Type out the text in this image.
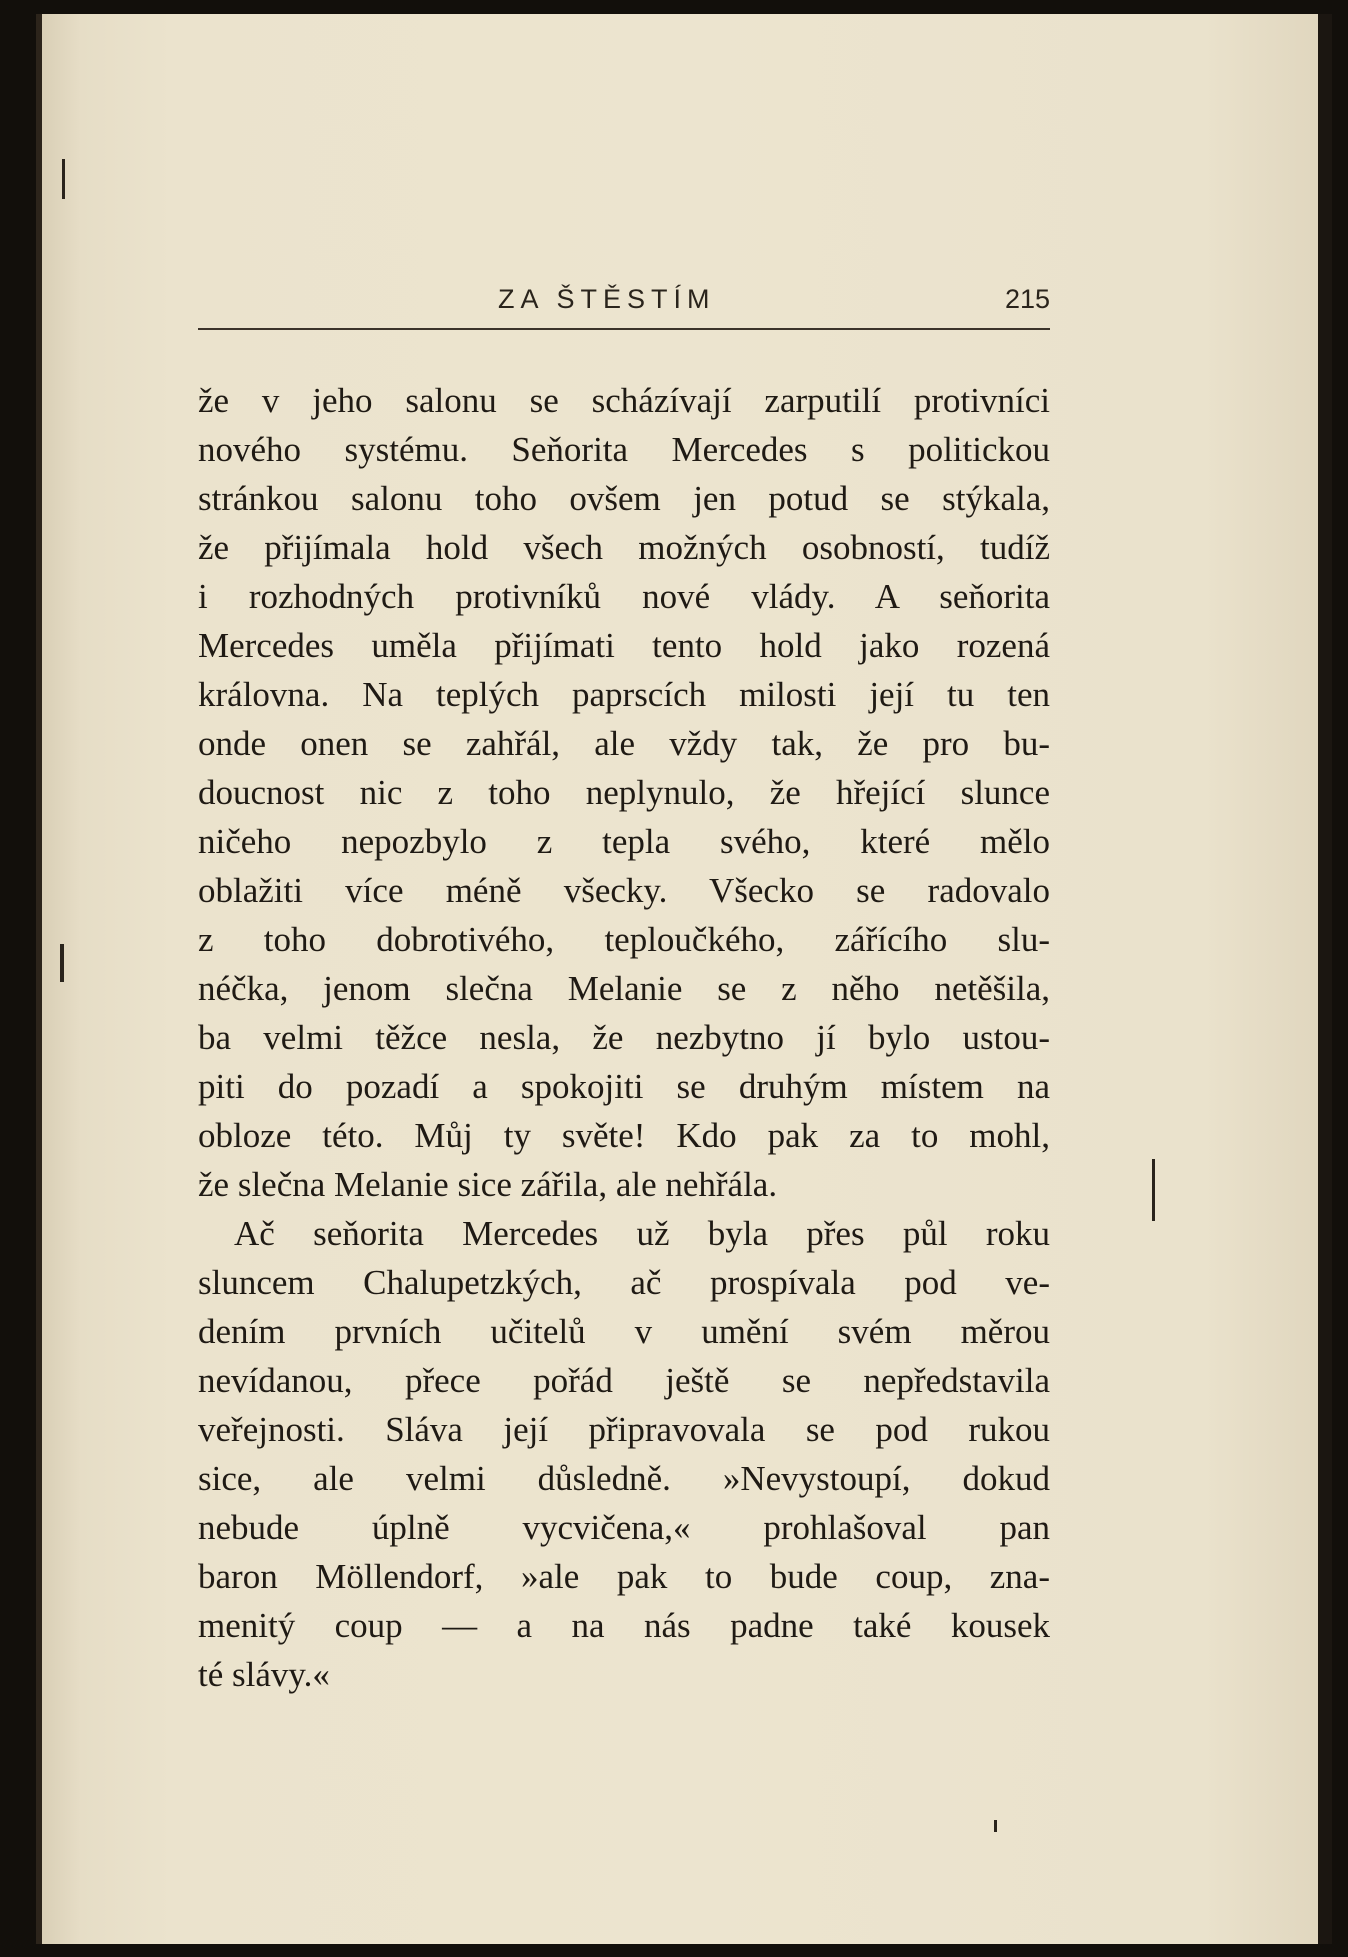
ZA ŠTĚSTÍM	215
že v jeho salonu se scházívají zarputilí protivníci
nového systému. Seňorita Mercedes s politickou
stránkou salonu toho ovšem jen potud se stýkala,
že přijímala hold všech možných osobností, tudíž
i rozhodných protivníků nové vlády. A seňorita
Mercedes uměla přijímati tento hold jako rozená
královna. Na teplých paprscích milosti její tu ten
onde onen se zahřál, ale vždy tak, že pro bu-
doucnost nic z toho neplynulo, že hřející slunce
ničeho nepozbylo z tepla svého, které mělo
oblažiti více méně všecky. Všecko se radovalo
z toho dobrotivého, teploučkého, zářícího slu-
néčka, jenom slečna Melanie se z něho netěšila,
ba velmi těžce nesla, že nezbytno jí bylo ustou-
piti do pozadí a spokojiti se druhým místem na
obloze této. Můj ty světe! Kdo pak za to mohl,
že slečna Melanie sice zářila, ale nehřála.
Ač seňorita Mercedes už byla přes půl roku
sluncem Chalupetzkých, ač prospívala pod ve-
dením prvních učitelů v umění svém měrou
nevídanou, přece pořád ještě se nepředstavila
veřejnosti. Sláva její připravovala se pod rukou
sice, ale velmi důsledně. »Nevystoupí, dokud
nebude úplně vycvičena,« prohlašoval pan
baron Möllendorf, »ale pak to bude coup, zna-
menitý coup — a na nás padne také kousek
té slávy.«
